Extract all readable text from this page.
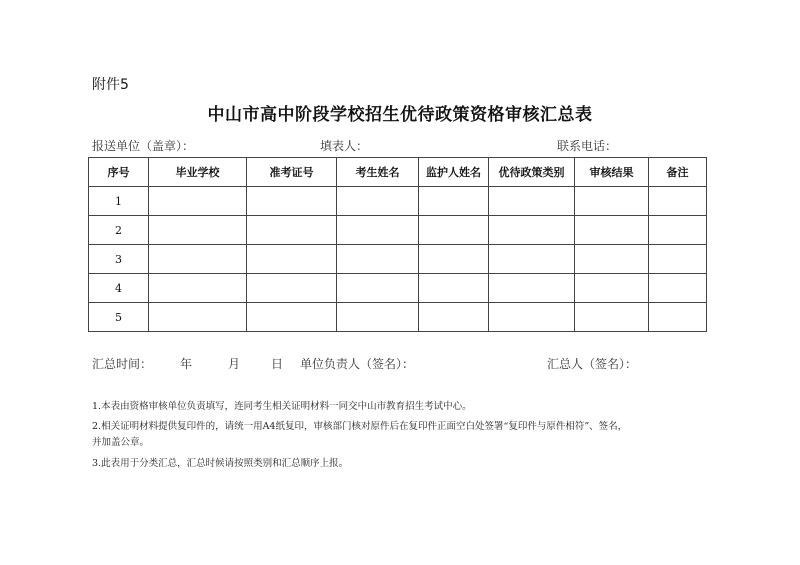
附件5
中山市高中阶段学校招生优待政策资格审核汇总表
报送单位（盖章）：	填表人：	联系电话：
序号	毕业学校	准考证号	考生姓名	监护人姓名	优待政策类别	审核结果	备注
1							
2							
3							
4							
5							
汇总时间： 年	月	日 单位负责人（签名）：	汇总人（签名）：
1.本表由资格审核单位负责填写，连同考生相关证明材料一同交中山市教育招生考试中心。
2.相关证明材料提供复印件的，请统一用A4纸复印，审核部门核对原件后在复印件正面空白处签署“复印件与原件相符”、签名，
并加盖公章。
3.此表用于分类汇总，汇总时候请按照类别和汇总顺序上报。
